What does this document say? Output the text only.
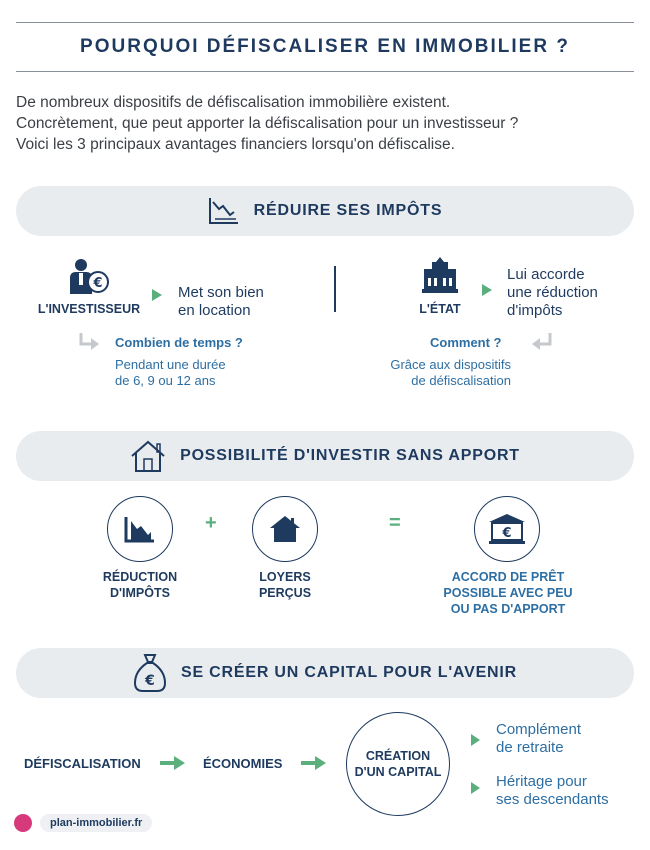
POURQUOI DÉFISCALISER EN IMMOBILIER ?

De nombreux dispositifs de défiscalisation immobilière existent.

Concrètement, que peut apporter la défiscalisation pour un investisseur ?

Voici les 3 principaux avantages financiers lorsqu'on défiscalise.

RÉDUIRE SES IMPÔTS
€
L'INVESTISSEUR
Met son bien
en location
Combien de temps ?
Pendant une durée
de 6, 9 ou 12 ans
L'ÉTAT
Lui accorde
une réduction
d'impôts
Comment ?
Grâce aux dispositifs
de défiscalisation
POSSIBILITÉ D'INVESTIR SANS APPORT
RÉDUCTION
D'IMPÔTS
+
LOYERS
PERÇUS
=	€
ACCORD DE PRÊT
POSSIBLE AVEC PEU
OU PAS D'APPORT
€ SE CRÉER UN CAPITAL POUR L'AVENIR
DÉFISCALISATION	ÉCONOMIES	CRÉATION
D'UN CAPITAL
Complément
de retraite
Héritage pour
ses descendants
plan-immobilier.fr
